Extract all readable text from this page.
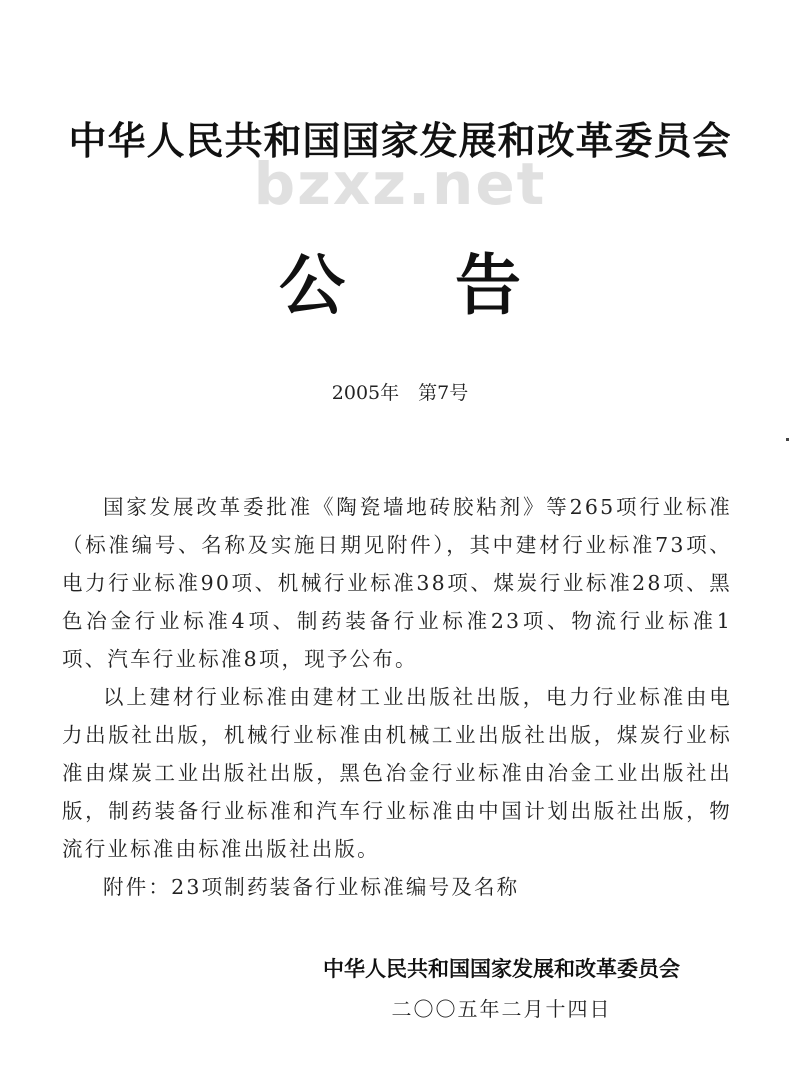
中华人民共和国国家发展和改革委员会
bzxz.net
公告
2005年　第7号

国家发展改革委批准《陶瓷墙地砖胶粘剂》等265项行业标准（标准编号、名称及实施日期见附件），其中建材行业标准73项、电力行业标准90项、机械行业标准38项、煤炭行业标准28项、黑色冶金行业标准4项、制药装备行业标准23项、物流行业标准1项、汽车行业标准8项，现予公布。

以上建材行业标准由建材工业出版社出版，电力行业标准由电力出版社出版，机械行业标准由机械工业出版社出版，煤炭行业标准由煤炭工业出版社出版，黑色冶金行业标准由冶金工业出版社出版，制药装备行业标准和汽车行业标准由中国计划出版社出版，物流行业标准由标准出版社出版。

附件：23项制药装备行业标准编号及名称

中华人民共和国国家发展和改革委员会
二〇〇五年二月十四日
